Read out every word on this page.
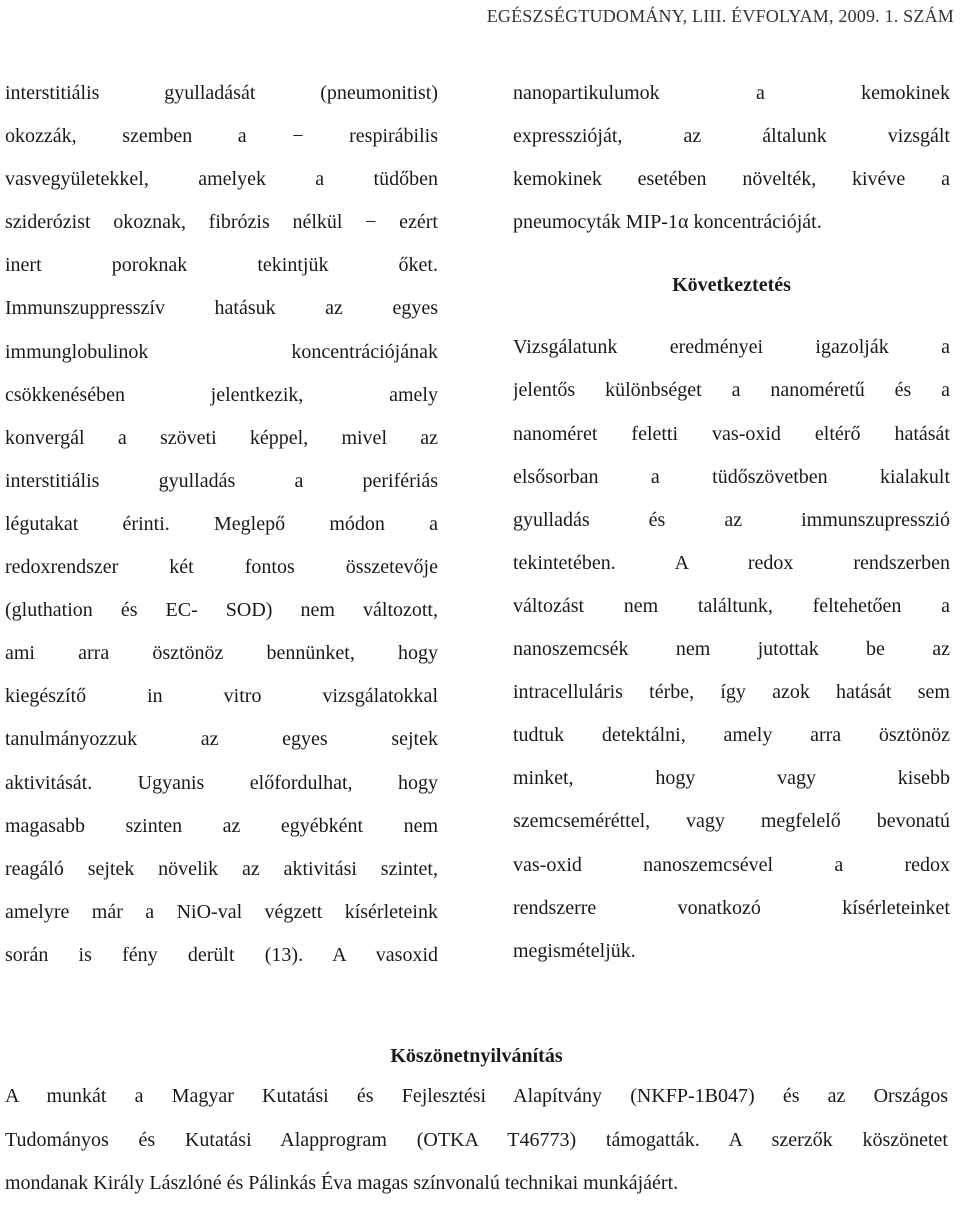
EGÉSZSÉGTUDOMÁNY, LIII. ÉVFOLYAM, 2009. 1. SZÁM
interstitiális gyulladását (pneumonitist)
okozzák, szemben a − respirábilis
vasvegyületekkel, amelyek a tüdőben
sziderózist okoznak, fibrózis nélkül − ezért
inert poroknak tekintjük őket.
Immunszuppresszív hatásuk az egyes
immunglobulinok koncentrációjának
csökkenésében jelentkezik, amely
konvergál a szöveti képpel, mivel az
interstitiális gyulladás a perifériás
légutakat érinti. Meglepő módon a
redoxrendszer két fontos összetevője
(gluthation és EC- SOD) nem változott,
ami arra ösztönöz bennünket, hogy
kiegészítő in vitro vizsgálatokkal
tanulmányozzuk az egyes sejtek
aktivitását. Ugyanis előfordulhat, hogy
magasabb szinten az egyébként nem
reagáló sejtek növelik az aktivitási szintet,
amelyre már a NiO-val végzett kísérleteink
során is fény derült (13). A vasoxid
nanopartikulumok a kemokinek
expresszióját, az általunk vizsgált
kemokinek esetében növelték, kivéve a
pneumocyták MIP-1α koncentrációját.
Következtetés
Vizsgálatunk eredményei igazolják a
jelentős különbséget a nanoméretű és a
nanoméret feletti vas-oxid eltérő hatását
elsősorban a tüdőszövetben kialakult
gyulladás és az immunszupresszió
tekintetében. A redox rendszerben
változást nem találtunk, feltehetően a
nanoszemcsék nem jutottak be az
intracelluláris térbe, így azok hatását sem
tudtuk detektálni, amely arra ösztönöz
minket, hogy vagy kisebb
szemcseméréttel, vagy megfelelő bevonatú
vas-oxid nanoszemcsével a redox
rendszerre vonatkozó kísérleteinket
megismételjük.
Köszönetnyilvánítás
A munkát a Magyar Kutatási és Fejlesztési Alapítvány (NKFP-1B047) és az Országos
Tudományos és Kutatási Alapprogram (OTKA T46773) támogatták. A szerzők köszönetet
mondanak Király Lászlóné és Pálinkás Éva magas színvonalú technikai munkájáért.
